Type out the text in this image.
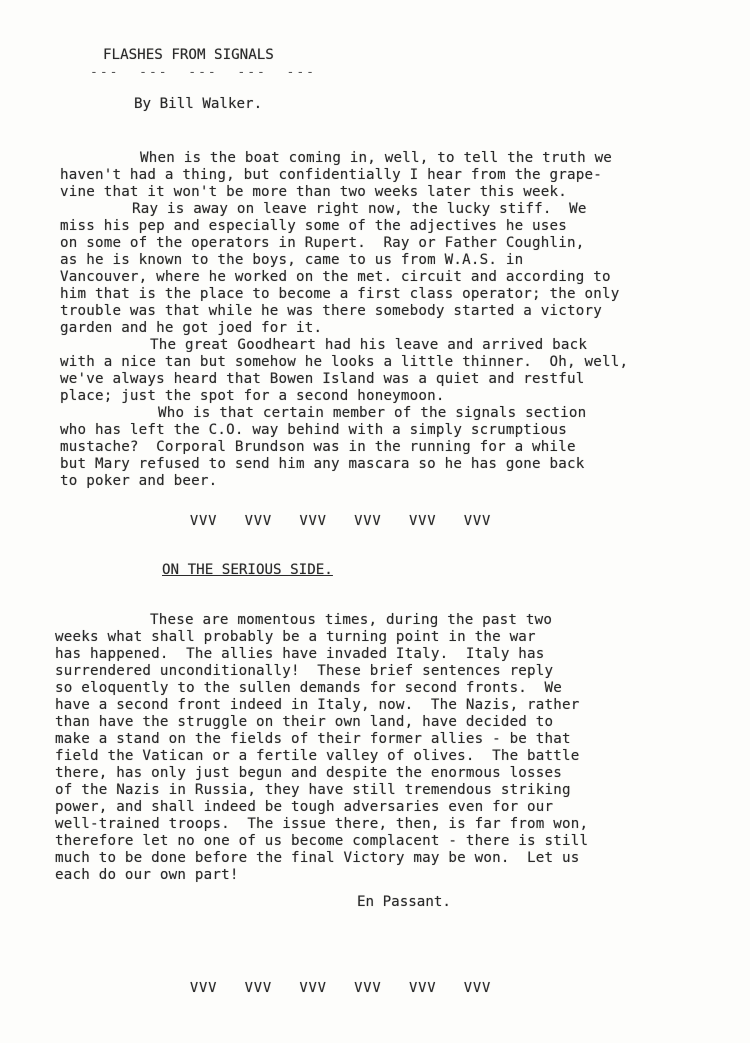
FLASHES FROM SIGNALS
---  ---  ---  ---  ---
By Bill Walker.
When is the boat coming in, well, to tell the truth we
haven't had a thing, but confidentially I hear from the grape-
vine that it won't be more than two weeks later this week.
Ray is away on leave right now, the lucky stiff.  We
miss his pep and especially some of the adjectives he uses
on some of the operators in Rupert.  Ray or Father Coughlin,
as he is known to the boys, came to us from W.A.S. in
Vancouver, where he worked on the met. circuit and according to
him that is the place to become a first class operator; the only
trouble was that while he was there somebody started a victory
garden and he got joed for it.
The great Goodheart had his leave and arrived back
with a nice tan but somehow he looks a little thinner.  Oh, well,
we've always heard that Bowen Island was a quiet and restful
place; just the spot for a second honeymoon.
Who is that certain member of the signals section
who has left the C.O. way behind with a simply scrumptious
mustache?  Corporal Brundson was in the running for a while
but Mary refused to send him any mascara so he has gone back
to poker and beer.
VVV   VVV   VVV   VVV   VVV   VVV
ON THE SERIOUS SIDE.
These are momentous times, during the past two
weeks what shall probably be a turning point in the war
has happened.  The allies have invaded Italy.  Italy has
surrendered unconditionally!  These brief sentences reply
so eloquently to the sullen demands for second fronts.  We
have a second front indeed in Italy, now.  The Nazis, rather
than have the struggle on their own land, have decided to
make a stand on the fields of their former allies - be that
field the Vatican or a fertile valley of olives.  The battle
there, has only just begun and despite the enormous losses
of the Nazis in Russia, they have still tremendous striking
power, and shall indeed be tough adversaries even for our
well-trained troops.  The issue there, then, is far from won,
therefore let no one of us become complacent - there is still
much to be done before the final Victory may be won.  Let us
each do our own part!
En Passant.
VVV   VVV   VVV   VVV   VVV   VVV
